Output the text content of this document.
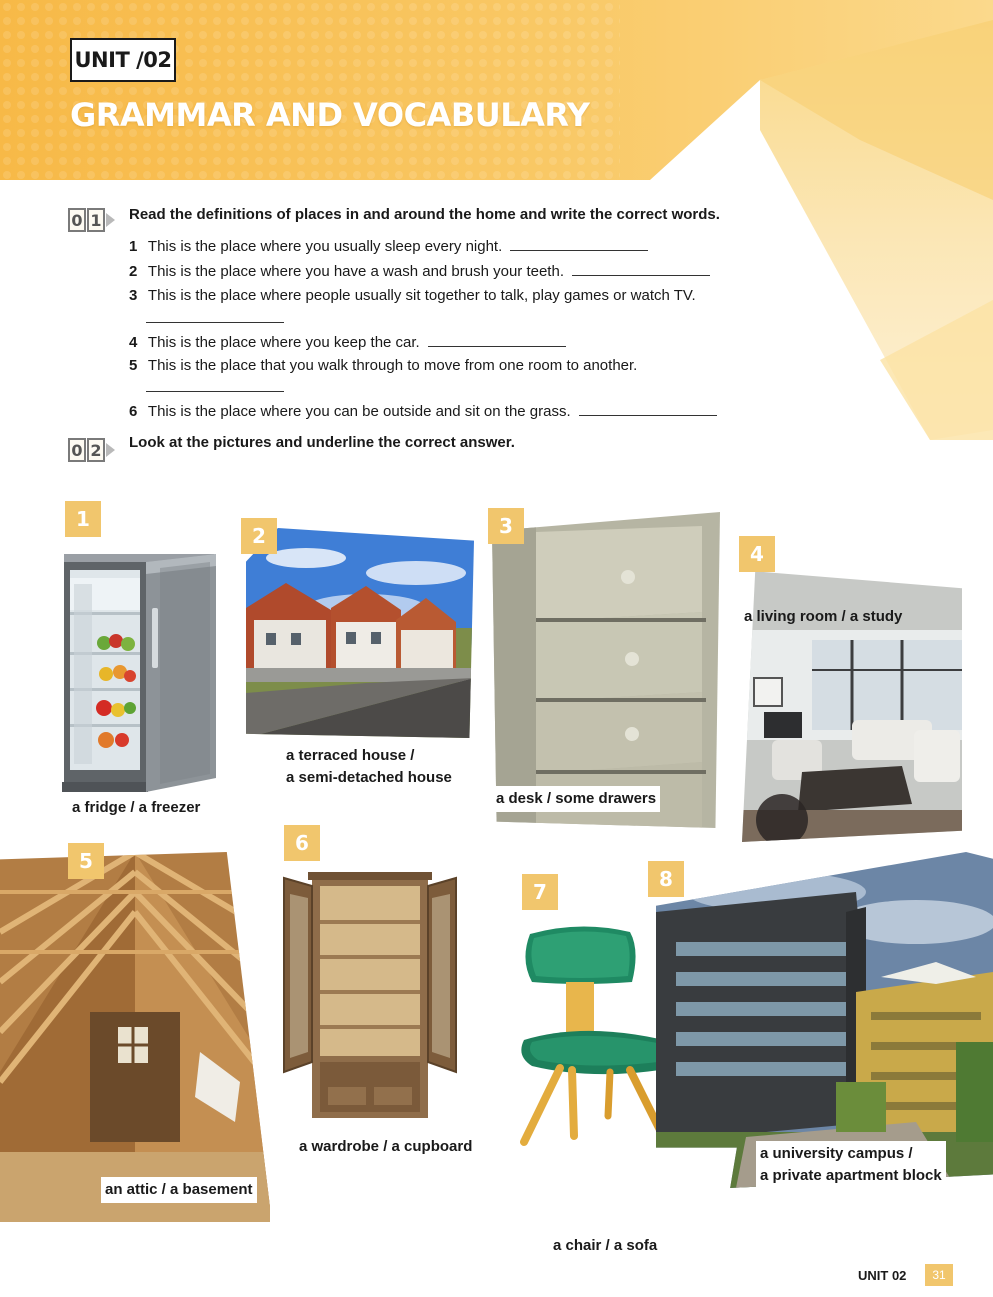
UNIT /02
GRAMMAR AND VOCABULARY
0 1 Read the definitions of places in and around the home and write the correct words.
1 This is the place where you usually sleep every night.
2 This is the place where you have a wash and brush your teeth.
3 This is the place where people usually sit together to talk, play games or watch TV.
4 This is the place where you keep the car.
5 This is the place that you walk through to move from one room to another.
6 This is the place where you can be outside and sit on the grass.
0 2 Look at the pictures and underline the correct answer.
1
a fridge / a freezer
2
a terraced house /
a semi-detached house
3
a desk / some drawers
4
a living room / a study
5
an attic / a basement
6
a wardrobe / a cupboard
7
a chair / a sofa
8
a university campus /
a private apartment block
UNIT 02	31
